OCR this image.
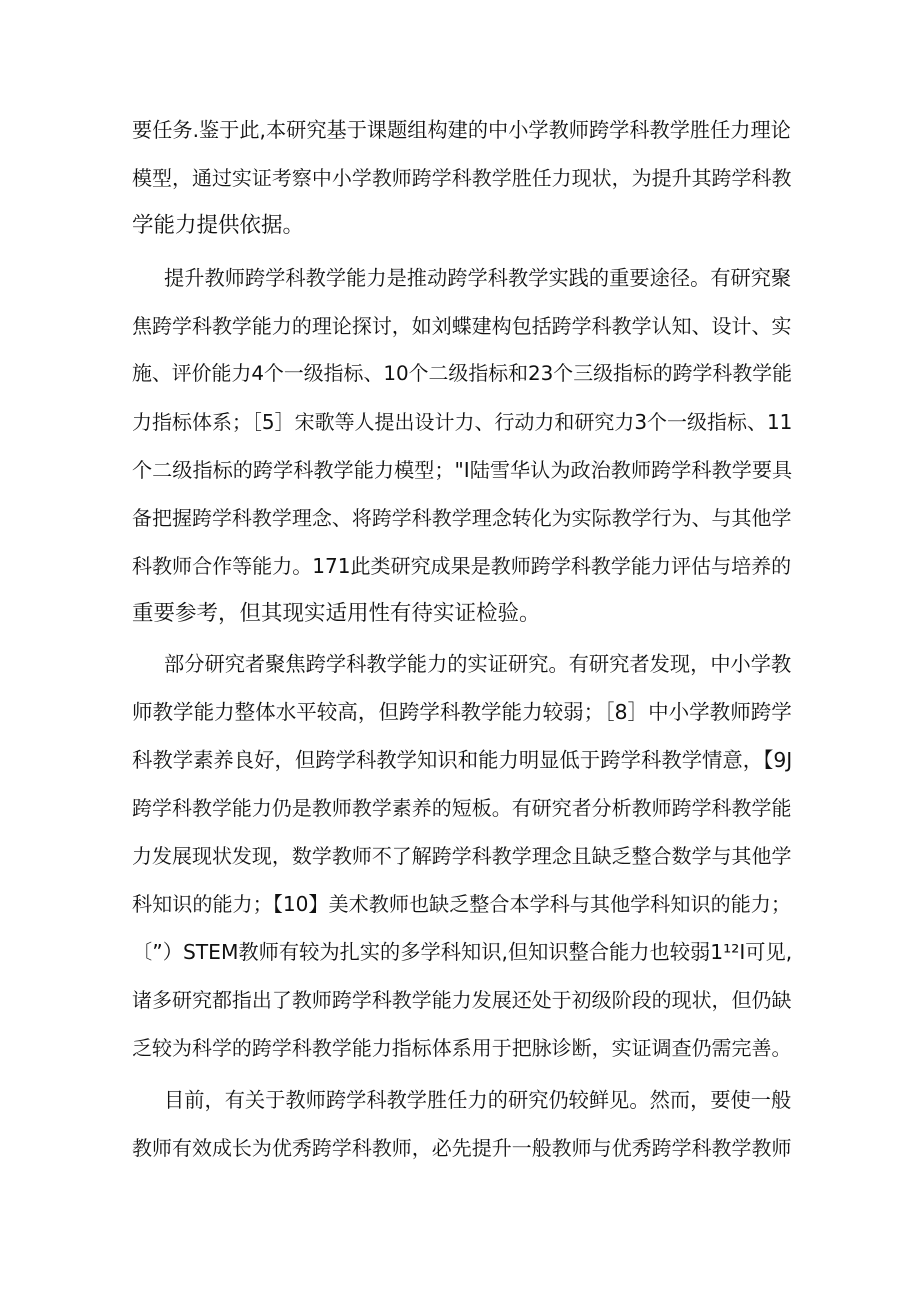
要任务.鉴于此,本研究基于课题组构建的中小学教师跨学科教学胜任力理论
模型，通过实证考察中小学教师跨学科教学胜任力现状，为提升其跨学科教
学能力提供依据。
提升教师跨学科教学能力是推动跨学科教学实践的重要途径。有研究聚
焦跨学科教学能力的理论探讨，如刘蝶建构包括跨学科教学认知、设计、实
施、评价能力4个一级指标、10个二级指标和23个三级指标的跨学科教学能
力指标体系；［5］宋歌等人提出设计力、行动力和研究力3个一级指标、11
个二级指标的跨学科教学能力模型；"I陆雪华认为政治教师跨学科教学要具
备把握跨学科教学理念、将跨学科教学理念转化为实际教学行为、与其他学
科教师合作等能力。171此类研究成果是教师跨学科教学能力评估与培养的
重要参考，但其现实适用性有待实证检验。
部分研究者聚焦跨学科教学能力的实证研究。有研究者发现，中小学教
师教学能力整体水平较高，但跨学科教学能力较弱；［8］中小学教师跨学
科教学素养良好，但跨学科教学知识和能力明显低于跨学科教学情意，【9J
跨学科教学能力仍是教师教学素养的短板。有研究者分析教师跨学科教学能
力发展现状发现，数学教师不了解跨学科教学理念且缺乏整合数学与其他学
科知识的能力；【10】美术教师也缺乏整合本学科与其他学科知识的能力；
〔”）STEM教师有较为扎实的多学科知识,但知识整合能力也较弱1¹²I可见,
诸多研究都指出了教师跨学科教学能力发展还处于初级阶段的现状，但仍缺
乏较为科学的跨学科教学能力指标体系用于把脉诊断，实证调查仍需完善。
目前，有关于教师跨学科教学胜任力的研究仍较鲜见。然而，要使一般
教师有效成长为优秀跨学科教师，必先提升一般教师与优秀跨学科教学教师
